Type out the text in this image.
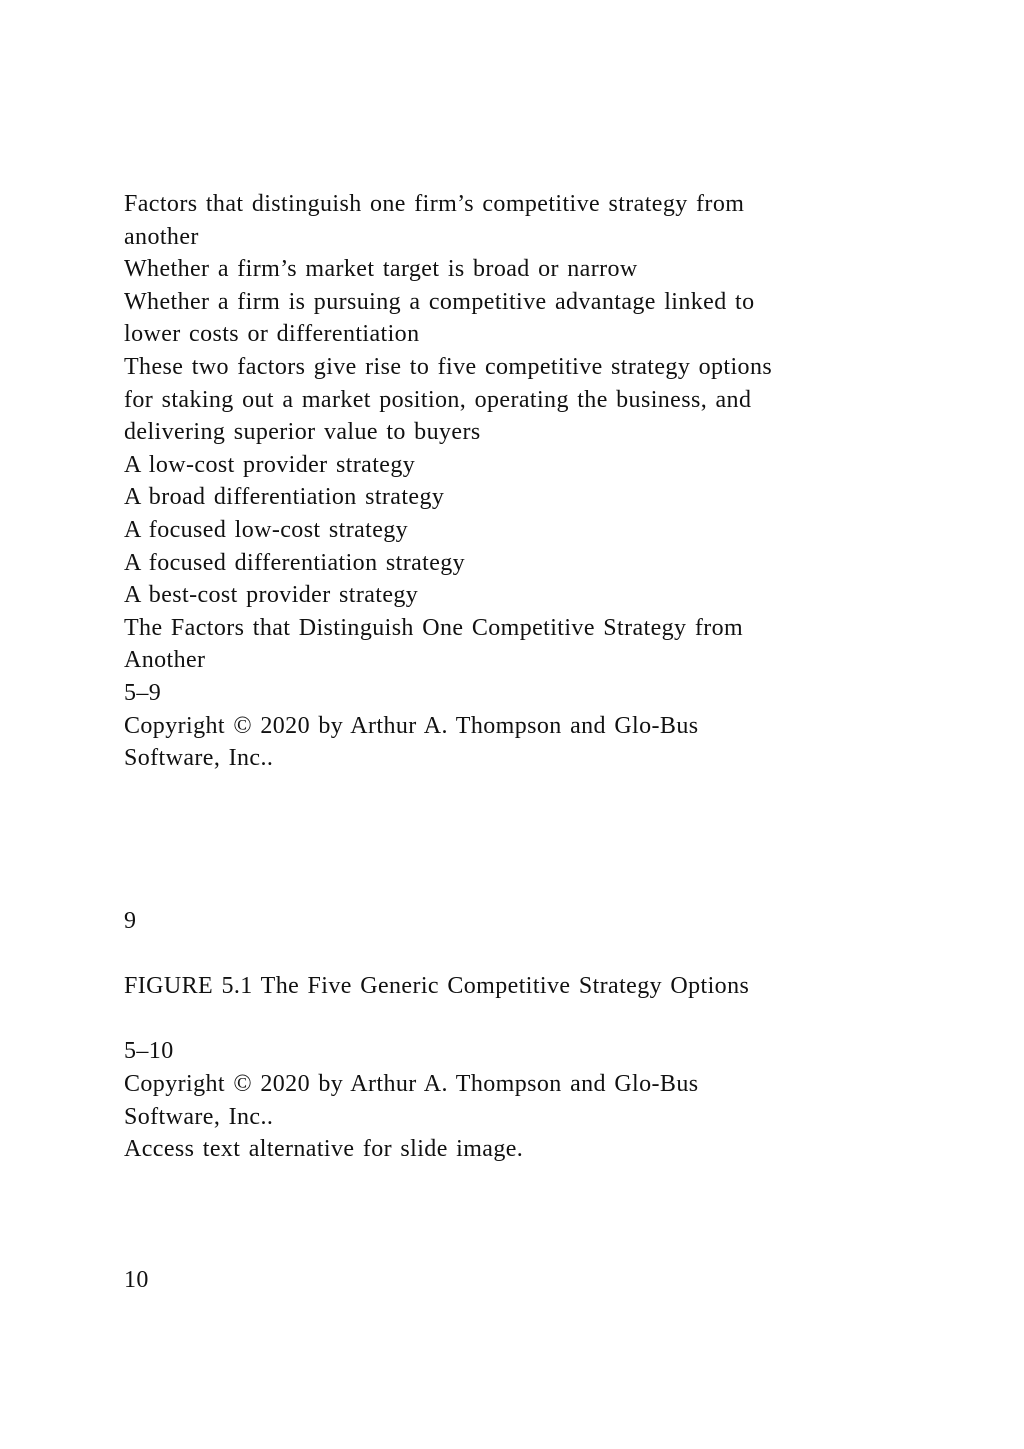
Factors that distinguish one firm’s competitive strategy from
another
Whether a firm’s market target is broad or narrow
Whether a firm is pursuing a competitive advantage linked to
lower costs or differentiation
These two factors give rise to five competitive strategy options
for staking out a market position, operating the business, and
delivering superior value to buyers
A low-cost provider strategy
A broad differentiation strategy
A focused low-cost strategy
A focused differentiation strategy
A best-cost provider strategy
The Factors that Distinguish One Competitive Strategy from
Another
5–9
Copyright © 2020 by Arthur A. Thompson and Glo-Bus
Software, Inc..
9
FIGURE 5.1 The Five Generic Competitive Strategy Options
5–10
Copyright © 2020 by Arthur A. Thompson and Glo-Bus
Software, Inc..
Access text alternative for slide image.
10
